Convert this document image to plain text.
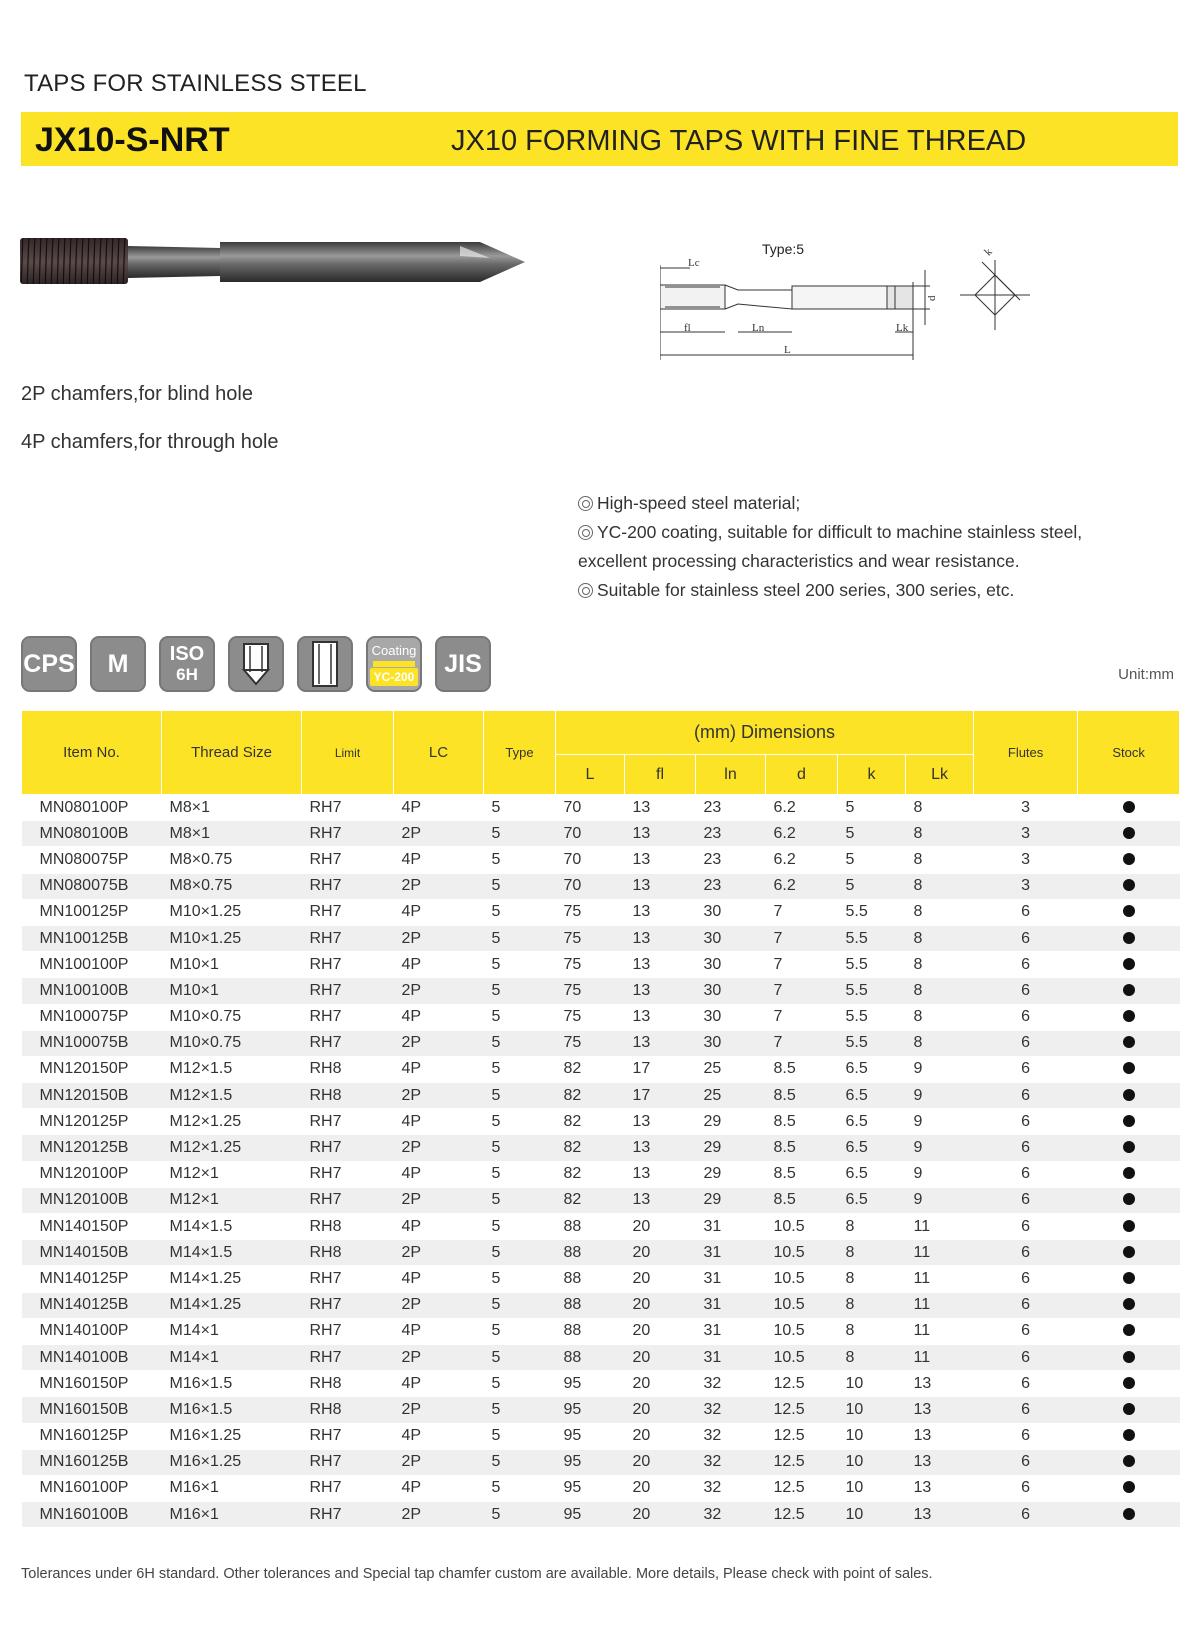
TAPS FOR STAINLESS STEEL
JX10-S-NRT	JX10 FORMING TAPS WITH FINE THREAD
Type:5
Lc
fl	Ln
L
Lk
d
k
2P chamfers,for blind hole
4P chamfers,for through hole
High-speed steel material;
YC-200 coating, suitable for difficult to machine stainless steel,
excellent processing characteristics and wear resistance.
Suitable for stainless steel 200 series, 300 series, etc.
CPS	M	ISO
6H
Coating
YC-200 JIS	Unit:mm
Item No.	Thread Size	Limit	LC	Type	(mm) Dimensions						Flutes	Stock
					L	fl	ln	d	k	Lk		
MN080100P	M8×1	RH7	4P	5	70	13	23	6.2	5	8	3	
MN080100B	M8×1	RH7	2P	5	70	13	23	6.2	5	8	3	
MN080075P	M8×0.75	RH7	4P	5	70	13	23	6.2	5	8	3	
MN080075B	M8×0.75	RH7	2P	5	70	13	23	6.2	5	8	3	
MN100125P	M10×1.25	RH7	4P	5	75	13	30	7	5.5	8	6	
MN100125B	M10×1.25	RH7	2P	5	75	13	30	7	5.5	8	6	
MN100100P	M10×1	RH7	4P	5	75	13	30	7	5.5	8	6	
MN100100B	M10×1	RH7	2P	5	75	13	30	7	5.5	8	6	
MN100075P	M10×0.75	RH7	4P	5	75	13	30	7	5.5	8	6	
MN100075B	M10×0.75	RH7	2P	5	75	13	30	7	5.5	8	6	
MN120150P	M12×1.5	RH8	4P	5	82	17	25	8.5	6.5	9	6	
MN120150B	M12×1.5	RH8	2P	5	82	17	25	8.5	6.5	9	6	
MN120125P	M12×1.25	RH7	4P	5	82	13	29	8.5	6.5	9	6	
MN120125B	M12×1.25	RH7	2P	5	82	13	29	8.5	6.5	9	6	
MN120100P	M12×1	RH7	4P	5	82	13	29	8.5	6.5	9	6	
MN120100B	M12×1	RH7	2P	5	82	13	29	8.5	6.5	9	6	
MN140150P	M14×1.5	RH8	4P	5	88	20	31	10.5	8	11	6	
MN140150B	M14×1.5	RH8	2P	5	88	20	31	10.5	8	11	6	
MN140125P	M14×1.25	RH7	4P	5	88	20	31	10.5	8	11	6	
MN140125B	M14×1.25	RH7	2P	5	88	20	31	10.5	8	11	6	
MN140100P	M14×1	RH7	4P	5	88	20	31	10.5	8	11	6	
MN140100B	M14×1	RH7	2P	5	88	20	31	10.5	8	11	6	
MN160150P	M16×1.5	RH8	4P	5	95	20	32	12.5	10	13	6	
MN160150B	M16×1.5	RH8	2P	5	95	20	32	12.5	10	13	6	
MN160125P	M16×1.25	RH7	4P	5	95	20	32	12.5	10	13	6	
MN160125B	M16×1.25	RH7	2P	5	95	20	32	12.5	10	13	6	
MN160100P	M16×1	RH7	4P	5	95	20	32	12.5	10	13	6	
MN160100B	M16×1	RH7	2P	5	95	20	32	12.5	10	13	6	
Tolerances under 6H standard. Other tolerances and Special tap chamfer custom are available. More details, Please check with point of sales.
